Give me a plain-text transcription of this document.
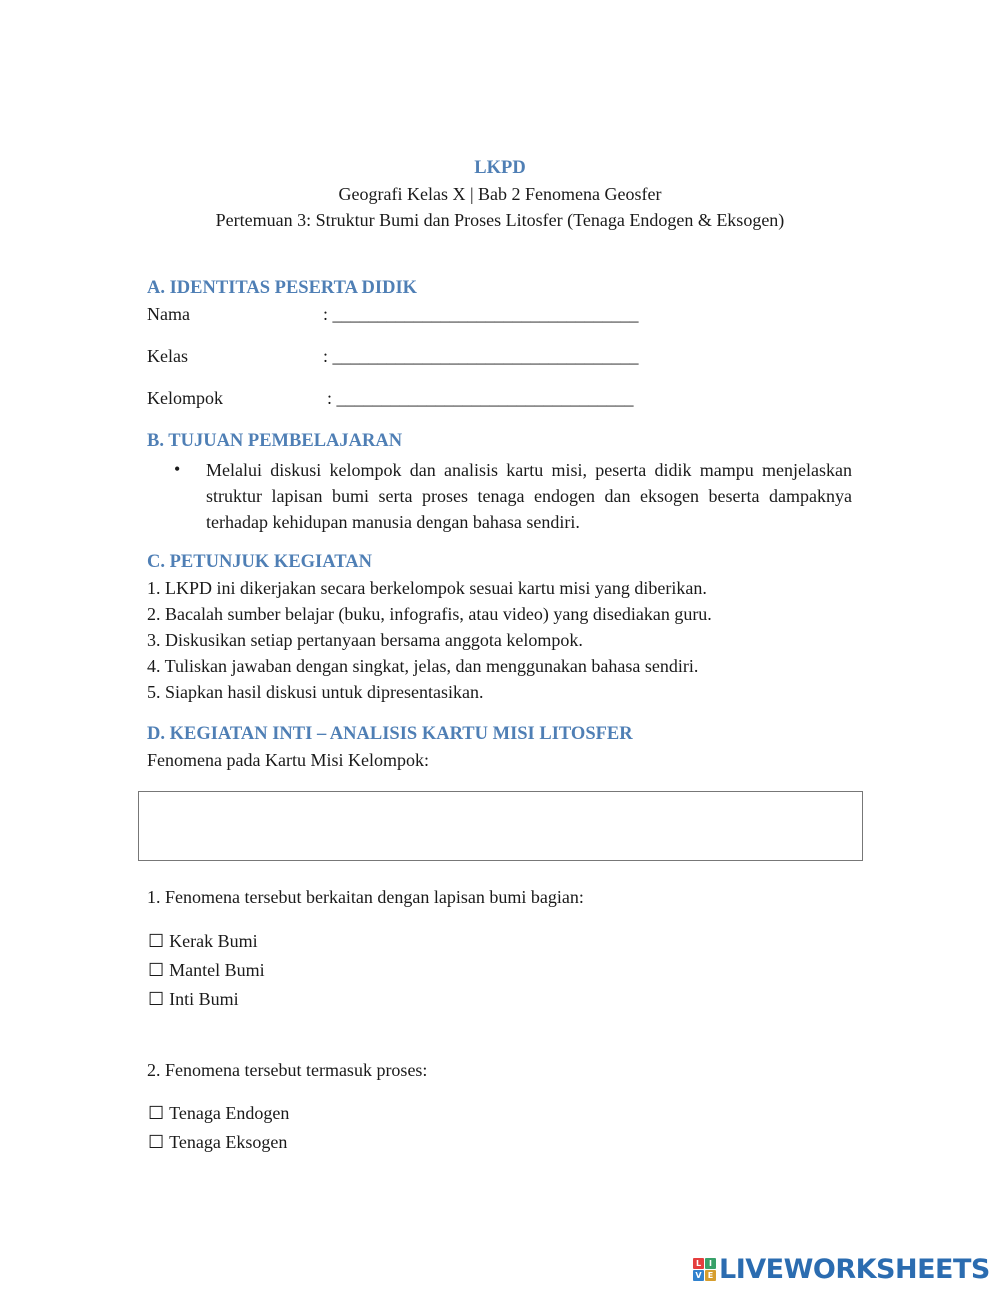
LKPD
Geografi Kelas X | Bab 2 Fenomena Geosfer
Pertemuan 3: Struktur Bumi dan Proses Litosfer (Tenaga Endogen & Eksogen)
A. IDENTITAS PESERTA DIDIK
Nama	: __________________________________
Kelas	: __________________________________
Kelompok	: _________________________________
B. TUJUAN PEMBELAJARAN
• Melalui diskusi kelompok dan analisis kartu misi, peserta didik mampu menjelaskan struktur lapisan bumi serta proses tenaga endogen dan eksogen beserta dampaknya terhadap kehidupan manusia dengan bahasa sendiri.
C. PETUNJUK KEGIATAN
1. LKPD ini dikerjakan secara berkelompok sesuai kartu misi yang diberikan.
2. Bacalah sumber belajar (buku, infografis, atau video) yang disediakan guru.
3. Diskusikan setiap pertanyaan bersama anggota kelompok.
4. Tuliskan jawaban dengan singkat, jelas, dan menggunakan bahasa sendiri.
5. Siapkan hasil diskusi untuk dipresentasikan.
D. KEGIATAN INTI – ANALISIS KARTU MISI LITOSFER
Fenomena pada Kartu Misi Kelompok:
1. Fenomena tersebut berkaitan dengan lapisan bumi bagian:
☐ Kerak Bumi
☐ Mantel Bumi
☐ Inti Bumi
2. Fenomena tersebut termasuk proses:
☐ Tenaga Endogen
☐ Tenaga Eksogen
L I
V E LIVEWORKSHEETS
